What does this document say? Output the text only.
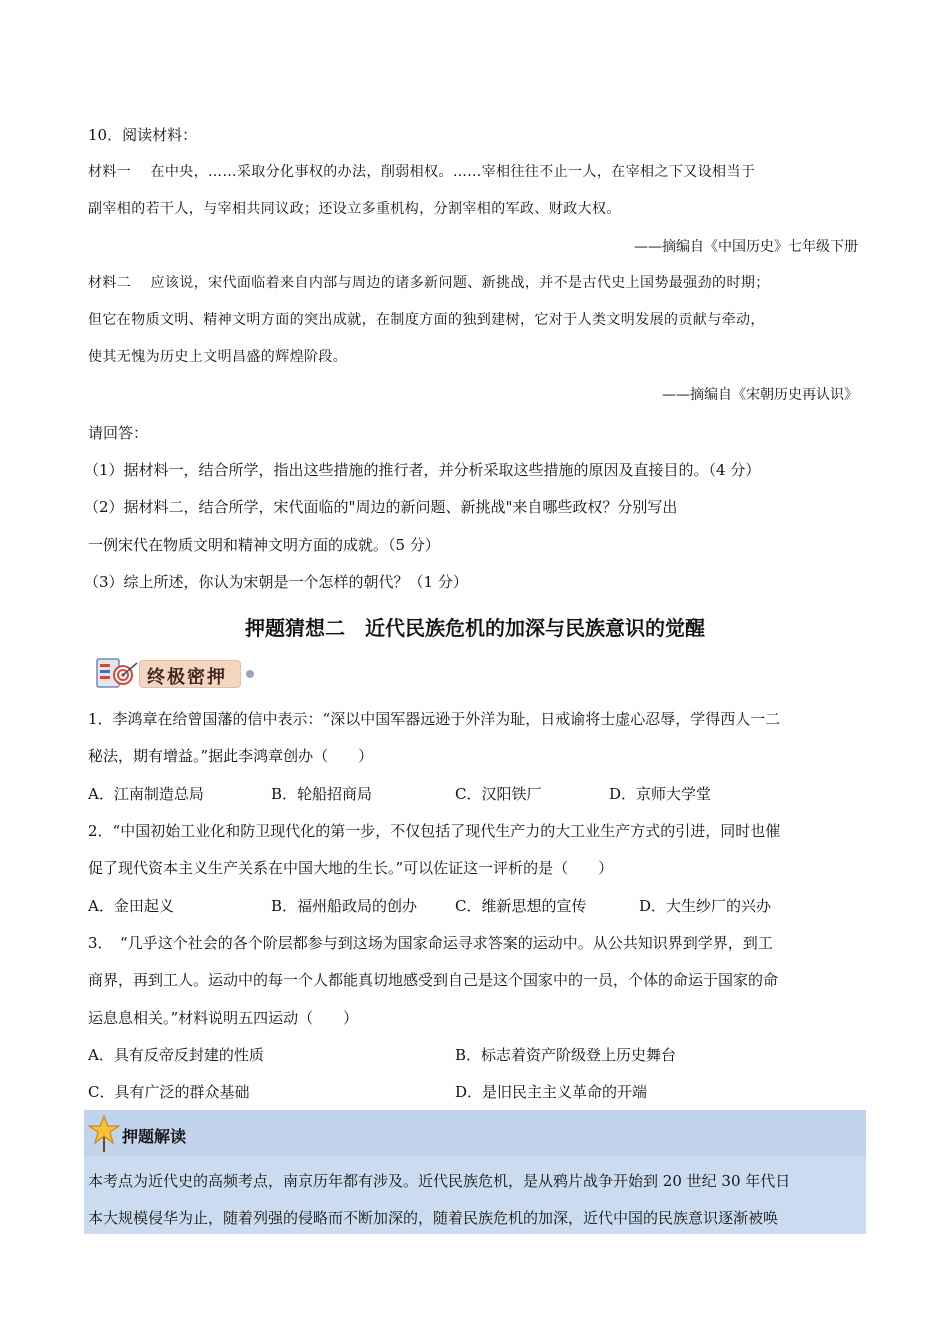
10．阅读材料：
材料一　 在中央，……采取分化事权的办法，削弱相权。……宰相往往不止一人，在宰相之下又设相当于
副宰相的若干人，与宰相共同议政；还设立多重机构，分割宰相的军政、财政大权。
——摘编自《中国历史》七年级下册
材料二　 应该说，宋代面临着来自内部与周边的诸多新问题、新挑战，并不是古代史上国势最强劲的时期；
但它在物质文明、精神文明方面的突出成就，在制度方面的独到建树，它对于人类文明发展的贡献与牵动，
使其无愧为历史上文明昌盛的辉煌阶段。
——摘编自《宋朝历史再认识》
请回答：
（1）据材料一，结合所学，指出这些措施的推行者，并分析采取这些措施的原因及直接目的。（4 分）
（2）据材料二，结合所学，宋代面临的"周边的新问题、新挑战"来自哪些政权？分别写出
一例宋代在物质文明和精神文明方面的成就。（5 分）
（3）综上所述，你认为宋朝是一个怎样的朝代？（1 分）
押题猜想二　近代民族危机的加深与民族意识的觉醒
终极密押
1．李鸿章在给曾国藩的信中表示：“深以中国军器远逊于外洋为耻，日戒谕将士虚心忍辱，学得西人一二
秘法，期有增益。”据此李鸿章创办（　　）
A．江南制造总局	B．轮船招商局	C．汉阳铁厂	D．京师大学堂
2．“中国初始工业化和防卫现代化的第一步，不仅包括了现代生产力的大工业生产方式的引进，同时也催
促了现代资本主义生产关系在中国大地的生长。”可以佐证这一评析的是（　　）
A．金田起义	B．福州船政局的创办	C．维新思想的宣传	D．大生纱厂的兴办
3．　“几乎这个社会的各个阶层都参与到这场为国家命运寻求答案的运动中。从公共知识界到学界，到工
商界，再到工人。运动中的每一个人都能真切地感受到自己是这个国家中的一员，个体的命运于国家的命
运息息相关。”材料说明五四运动（　　）
A．具有反帝反封建的性质	B．标志着资产阶级登上历史舞台
C．具有广泛的群众基础	D．是旧民主主义革命的开端
押题解读
本考点为近代史的高频考点，南京历年都有涉及。近代民族危机，是从鸦片战争开始到 20 世纪 30 年代日
本大规模侵华为止，随着列强的侵略而不断加深的，随着民族危机的加深，近代中国的民族意识逐渐被唤
